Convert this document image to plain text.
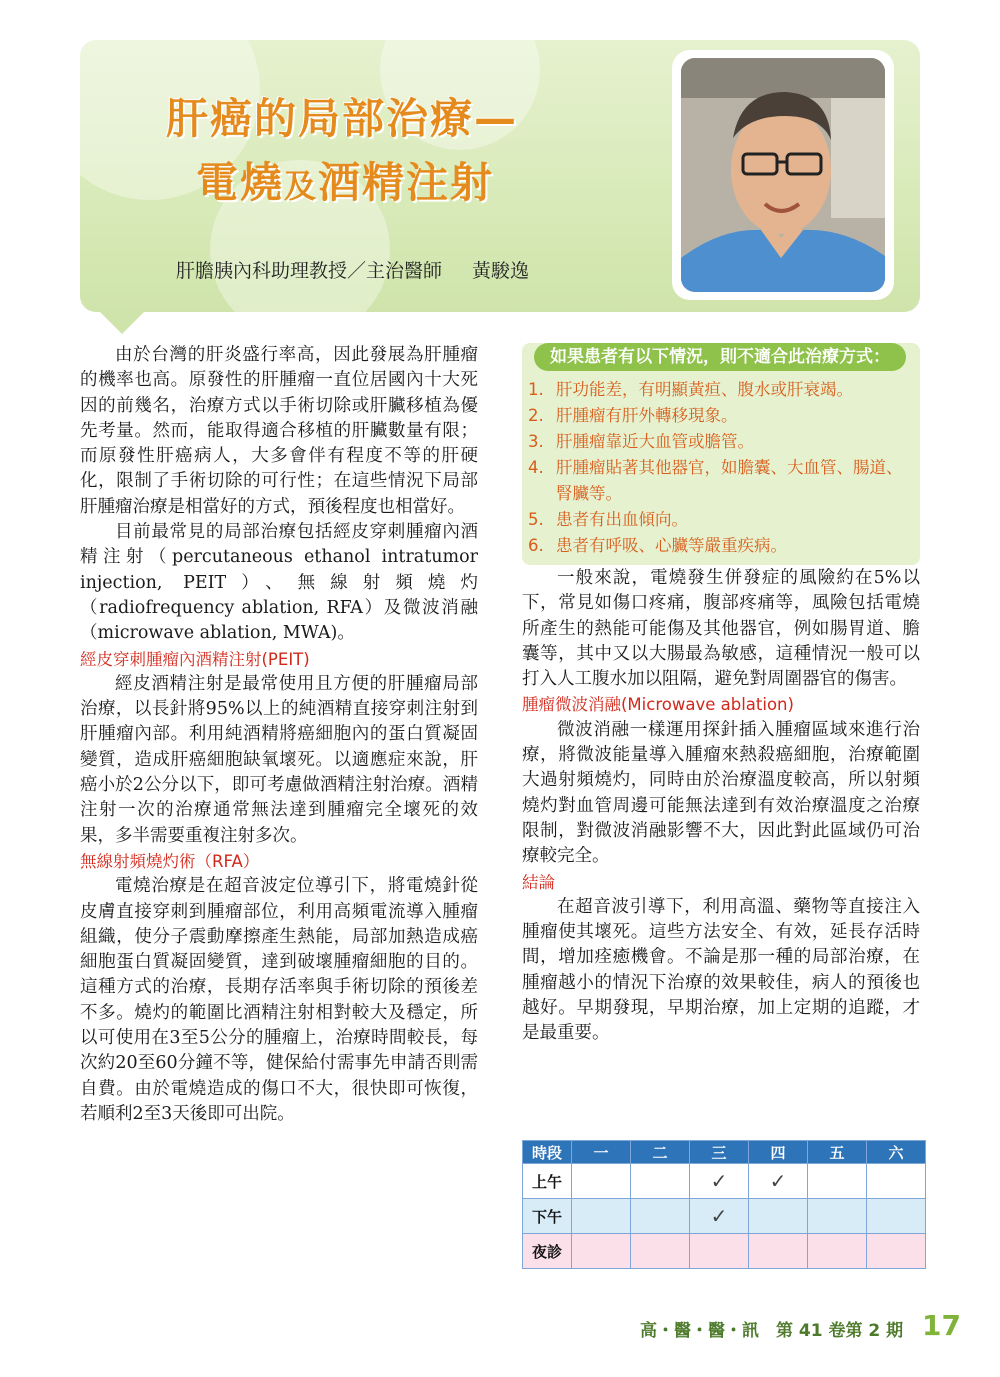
肝癌的局部治療—
電燒及酒精注射
肝膽胰內科助理教授／主治醫師 黃駿逸

由於台灣的肝炎盛行率高，因此發展為肝腫瘤的機率也高。原發性的肝腫瘤一直位居國內十大死因的前幾名，治療方式以手術切除或肝臟移植為優先考量。然而，能取得適合移植的肝臟數量有限；而原發性肝癌病人，大多會伴有程度不等的肝硬化，限制了手術切除的可行性；在這些情況下局部肝腫瘤治療是相當好的方式，預後程度也相當好。

目前最常見的局部治療包括經皮穿刺腫瘤內酒精注射（percutaneous ethanol intratumor injection, PEIT）、無線射頻燒灼（radiofrequency ablation, RFA）及微波消融（microwave ablation, MWA)。

經皮穿刺腫瘤內酒精注射(PEIT)

經皮酒精注射是最常使用且方便的肝腫瘤局部治療，以長針將95%以上的純酒精直接穿刺注射到肝腫瘤內部。利用純酒精將癌細胞內的蛋白質凝固變質，造成肝癌細胞缺氧壞死。以適應症來說，肝癌小於2公分以下，即可考慮做酒精注射治療。酒精注射一次的治療通常無法達到腫瘤完全壞死的效果，多半需要重複注射多次。

無線射頻燒灼術（RFA）

電燒治療是在超音波定位導引下，將電燒針從皮膚直接穿刺到腫瘤部位，利用高頻電流導入腫瘤組織，使分子震動摩擦產生熱能，局部加熱造成癌細胞蛋白質凝固變質，達到破壞腫瘤細胞的目的。這種方式的治療，長期存活率與手術切除的預後差不多。燒灼的範圍比酒精注射相對較大及穩定，所以可使用在3至5公分的腫瘤上，治療時間較長，每次約20至60分鐘不等，健保給付需事先申請否則需自費。由於電燒造成的傷口不大，很快即可恢復，若順利2至3天後即可出院。

如果患者有以下情況，則不適合此治療方式：
1. 肝功能差，有明顯黃疸、腹水或肝衰竭。
2. 肝腫瘤有肝外轉移現象。
3. 肝腫瘤靠近大血管或膽管。
4. 肝腫瘤貼著其他器官，如膽囊、大血管、腸道、腎臟等。
5. 患者有出血傾向。
6. 患者有呼吸、心臟等嚴重疾病。

一般來說，電燒發生併發症的風險約在5%以下，常見如傷口疼痛，腹部疼痛等，風險包括電燒所產生的熱能可能傷及其他器官，例如腸胃道、膽囊等，其中又以大腸最為敏感，這種情況一般可以打入人工腹水加以阻隔，避免對周圍器官的傷害。

腫瘤微波消融(Microwave ablation)

微波消融一樣運用探針插入腫瘤區域來進行治療，將微波能量導入腫瘤來熱殺癌細胞，治療範圍大過射頻燒灼，同時由於治療溫度較高，所以射頻燒灼對血管周邊可能無法達到有效治療溫度之治療限制，對微波消融影響不大，因此對此區域仍可治療較完全。

結論

在超音波引導下，利用高溫、藥物等直接注入腫瘤使其壞死。這些方法安全、有效，延長存活時間，增加痊癒機會。不論是那一種的局部治療，在腫瘤越小的情況下治療的效果較佳，病人的預後也越好。早期發現，早期治療，加上定期的追蹤，才是最重要。

時段	一	二	三	四	五	六
上午			✓	✓		
下午			✓			
夜診						
高・醫・醫・訊　第 41 卷第 2 期 17
